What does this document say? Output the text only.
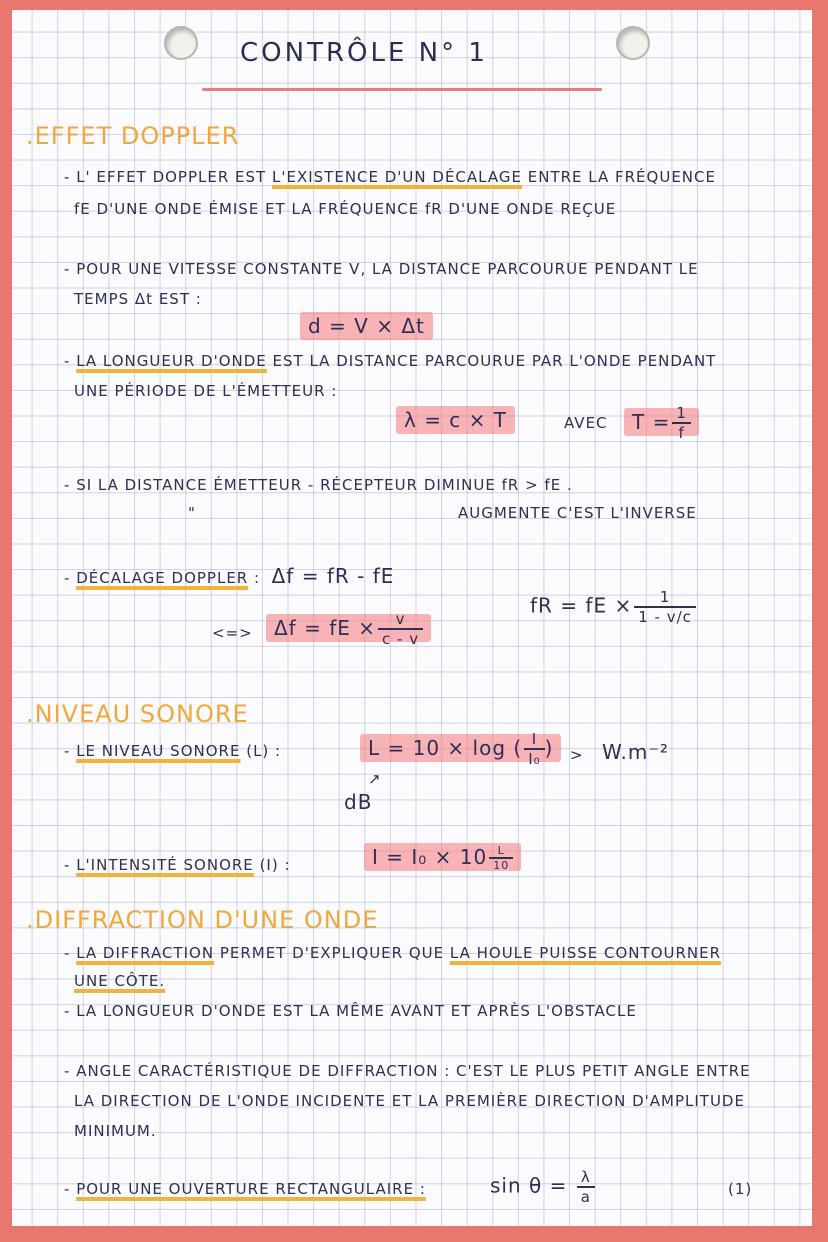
CONTRÔLE N° 1
.EFFET DOPPLER
- L' EFFET DOPPLER EST L'EXISTENCE D'UN DÉCALAGE ENTRE LA FRÉQUENCE
fE D'UNE ONDE ÉMISE ET LA FRÉQUENCE fR D'UNE ONDE REÇUE
- POUR UNE VITESSE CONSTANTE V, LA DISTANCE PARCOURUE PENDANT LE
TEMPS Δt EST :
d = V × Δt
- LA LONGUEUR D'ONDE EST LA DISTANCE PARCOURUE PAR L'ONDE PENDANT
UNE PÉRIODE DE L'ÉMETTEUR :
λ = c × T	AVEC	$T = \frac{1}{f}$
- SI LA DISTANCE ÉMETTEUR - RÉCEPTEUR DIMINUE fR > fE .
"	AUGMENTE C'EST L'INVERSE
- DÉCALAGE DOPPLER : Δf = fR - fE
<=>	Δf = fE × $\frac{v}{c - v}$
fR = fE × $\frac{1}{1 - v/c}$
.NIVEAU SONORE
- LE NIVEAU SONORE (L) :	L = 10 × log ( $\frac{I}{\text{I₀}}$ )	> W.m⁻²
↗
dB
- L'INTENSITÉ SONORE (I) :	$I = I_0 \times 10 \frac{L}{10}$
.DIFFRACTION D'UNE ONDE
- LA DIFFRACTION PERMET D'EXPLIQUER QUE LA HOULE PUISSE CONTOURNER
UNE CÔTE.
- LA LONGUEUR D'ONDE EST LA MÊME AVANT ET APRÈS L'OBSTACLE
- ANGLE CARACTÉRISTIQUE DE DIFFRACTION : C'EST LE PLUS PETIT ANGLE ENTRE
LA DIRECTION DE L'ONDE INCIDENTE ET LA PREMIÈRE DIRECTION D'AMPLITUDE
MINIMUM.
- POUR UNE OUVERTURE RECTANGULAIRE :	$\sin \theta = \frac{\lambda}{a}$	(1)
